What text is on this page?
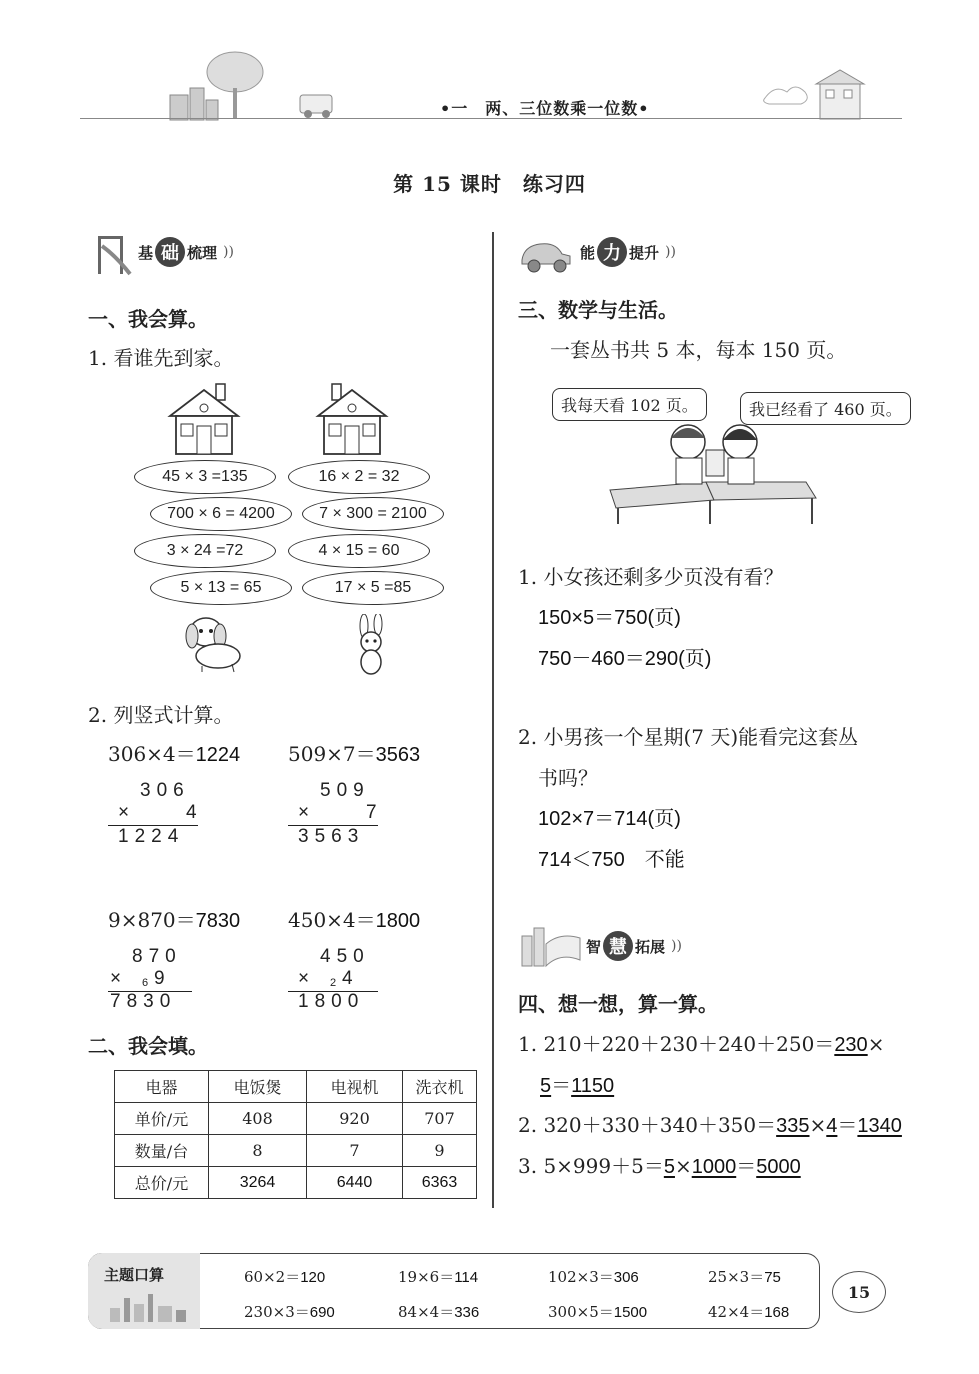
•一　两、三位数乘一位数•
第 15 课时　练习四
基 础 梳理 ))
一、我会算。
1. 看谁先到家。
45 × 3 =135	16 × 2 = 32
700 × 6 = 4200	7 × 300 = 2100
3 × 24 =72	4 × 15 = 60
5 × 13 = 65	17 × 5 =85
2. 列竖式计算。
306×4＝1224
306
×	4
1224
509×7＝3563
509
×	7
3563
9×870＝7830
870
× 6 9
7830
450×4＝1800
450
× 2 4
1800
二、我会填。
电器	电饭煲	电视机	洗衣机
单价/元	408	920	707
数量/台	8	7	9
总价/元	3264	6440	6363
能 力 提升 ))
三、数学与生活。
一套丛书共 5 本，每本 150 页。
我每天看 102 页。	我已经看了 460 页。
1. 小女孩还剩多少页没有看？
150×5＝750(页)
750－460＝290(页)
2. 小男孩一个星期(7 天)能看完这套丛
书吗？
102×7＝714(页)
714＜750　不能
智 慧 拓展 ))
四、想一想，算一算。
1. 210＋220＋230＋240＋250＝230×
5＝1150
2. 320＋330＋340＋350＝335×4＝1340
3. 5×999＋5＝5×1000＝5000
主题口算	60×2＝120	19×6＝114	102×3＝306	25×3＝75
230×3＝690	84×4＝336	300×5＝1500	42×4＝168
15
